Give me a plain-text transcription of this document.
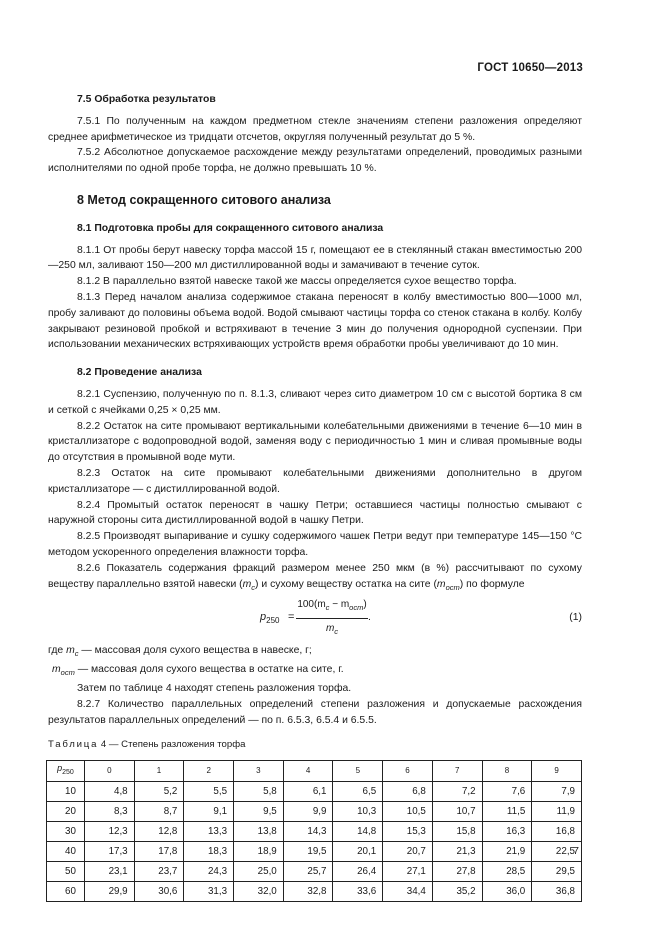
ГОСТ 10650—2013
7.5 Обработка результатов

7.5.1 По полученным на каждом предметном стекле значениям степени разложения определяют среднее арифметическое из тридцати отсчетов, округляя полученный результат до 5 %.

7.5.2 Абсолютное допускаемое расхождение между результатами определений, проводимых разными исполнителями по одной пробе торфа, не должно превышать 10 %.

8 Метод сокращенного ситового анализа
8.1 Подготовка пробы для сокращенного ситового анализа

8.1.1 От пробы берут навеску торфа массой 15 г, помещают ее в стеклянный стакан вместимостью 200—250 мл, заливают 150—200 мл дистиллированной воды и замачивают в течение суток.

8.1.2 В параллельно взятой навеске такой же массы определяется сухое вещество торфа.

8.1.3 Перед началом анализа содержимое стакана переносят в колбу вместимостью 800—1000 мл, пробу заливают до половины объема водой. Водой смывают частицы торфа со стенок стакана в колбу. Колбу закрывают резиновой пробкой и встряхивают в течение 3 мин до получения однородной суспензии. При использовании механических встряхивающих устройств время обработки пробы увеличивают до 10 мин.

8.2 Проведение анализа

8.2.1 Суспензию, полученную по п. 8.1.3, сливают через сито диаметром 10 см с высотой бортика 8 см и сеткой с ячейками 0,25 × 0,25 мм.

8.2.2 Остаток на сите промывают вертикальными колебательными движениями в течение 6—10 мин в кристаллизаторе с водопроводной водой, заменяя воду с периодичностью 1 мин и сливая промывные воды до отсутствия в промывной воде мути.

8.2.3 Остаток на сите промывают колебательными движениями дополнительно в другом кристаллизаторе — с дистиллированной водой.

8.2.4 Промытый остаток переносят в чашку Петри; оставшиеся частицы полностью смывают с наружной стороны сита дистиллированной водой в чашку Петри.

8.2.5 Производят выпаривание и сушку содержимого чашек Петри ведут при температуре 145—150 °С методом ускоренного определения влажности торфа.

8.2.6 Показатель содержания фракций размером менее 250 мкм (в %) рассчитывают по сухому веществу параллельно взятой навески $(m_c)$ и сухому веществу остатка на сите $(m_{ост})$ по формуле

$p_{250}$ =
$100(m_c - m_{ост})$
$m_c$
.	(1)
где $m_c$ — массовая доля сухого вещества в навеске, г;
$m_{ост}$ — массовая доля сухого вещества в остатке на сите, г.

Затем по таблице 4 находят степень разложения торфа.

8.2.7 Количество параллельных определений степени разложения и допускаемые расхождения результатов параллельных определений — по п. 6.5.3, 6.5.4 и 6.5.5.

Таблица 4 — Степень разложения торфа
$p_{250}$	0	1	2	3	4	5	6	7	8	9
10	4,8	5,2	5,5	5,8	6,1	6,5	6,8	7,2	7,6	7,9
20	8,3	8,7	9,1	9,5	9,9	10,3	10,5	10,7	11,5	11,9
30	12,3	12,8	13,3	13,8	14,3	14,8	15,3	15,8	16,3	16,8
40	17,3	17,8	18,3	18,9	19,5	20,1	20,7	21,3	21,9	22,5
50	23,1	23,7	24,3	25,0	25,7	26,4	27,1	27,8	28,5	29,5
60	29,9	30,6	31,3	32,0	32,8	33,6	34,4	35,2	36,0	36,8
7
